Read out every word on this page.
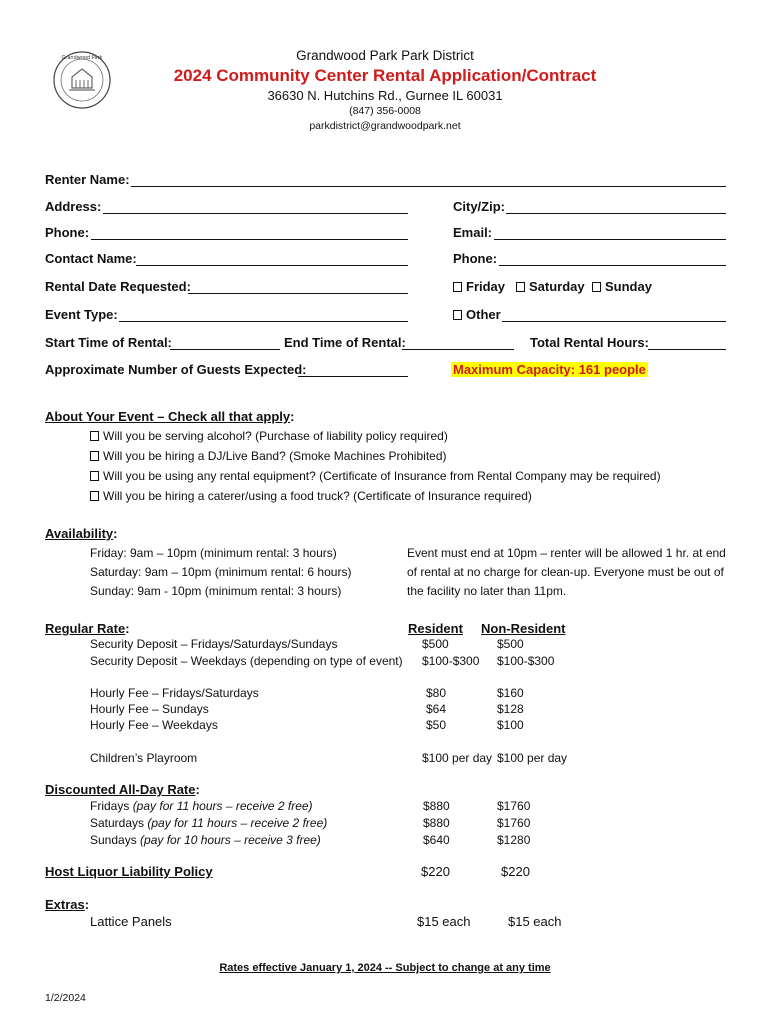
Grandwood Park	Grandwood Park Park District
2024 Community Center Rental Application/Contract
36630 N. Hutchins Rd., Gurnee IL 60031
(847) 356-0008
parkdistrict@grandwoodpark.net
Renter Name:
Address:	City/Zip:
Phone:	Email:
Contact Name:	Phone:
Rental Date Requested:	Friday	Saturday	Sunday
Event Type:	Other
Start Time of Rental:	End Time of Rental:	Total Rental Hours:
Approximate Number of Guests Expected:	Maximum Capacity: 161 people
About Your Event – Check all that apply:
Will you be serving alcohol? (Purchase of liability policy required)
Will you be hiring a DJ/Live Band? (Smoke Machines Prohibited)
Will you be using any rental equipment? (Certificate of Insurance from Rental Company may be required)
Will you be hiring a caterer/using a food truck? (Certificate of Insurance required)
Availability:
Friday: 9am – 10pm (minimum rental: 3 hours)
Saturday: 9am – 10pm (minimum rental: 6 hours)
Sunday: 9am - 10pm (minimum rental: 3 hours)
Event must end at 10pm – renter will be allowed 1 hr. at end
of rental at no charge for clean-up. Everyone must be out of
the facility no later than 11pm.
Regular Rate:	Resident Non-Resident
Security Deposit – Fridays/Saturdays/Sundays	$500	$500
Security Deposit – Weekdays (depending on type of event) $100-$300 $100-$300
Hourly Fee – Fridays/Saturdays	$80	$160
Hourly Fee – Sundays	$64	$128
Hourly Fee – Weekdays	$50	$100
Children’s Playroom	$100 per day $100 per day
Discounted All-Day Rate:
Fridays (pay for 11 hours – receive 2 free)	$880	$1760
Saturdays (pay for 11 hours – receive 2 free)	$880	$1760
Sundays (pay for 10 hours – receive 3 free)	$640	$1280
Host Liquor Liability Policy	$220	$220
Extras:
Lattice Panels	$15 each	$15 each
Rates effective January 1, 2024 -- Subject to change at any time
1/2/2024
